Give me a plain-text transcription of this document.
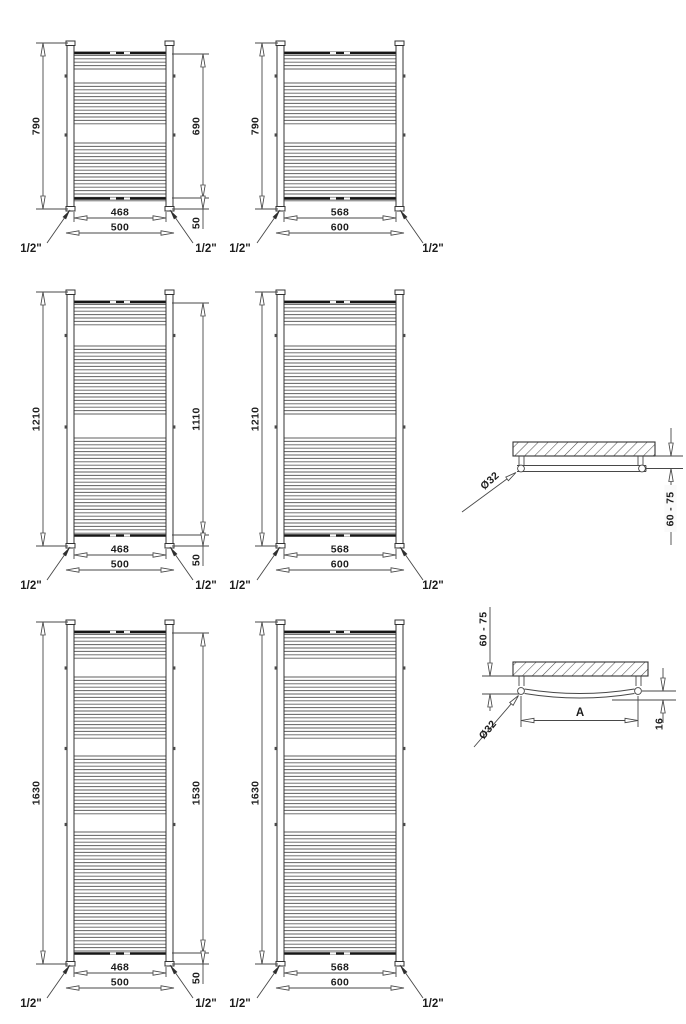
790	690
50
468
500
1/2"	1/2"
790
568
600
1/2"	1/2"
1210	1110
50
468
500
1/2"	1/2"
1210
568
600
1/2"	1/2"
1630	1530
50
468
500
1/2"	1/2"
1630
568
600
1/2"	1/2"
Ø32
60 - 75
60 - 75
Ø32
A
16
